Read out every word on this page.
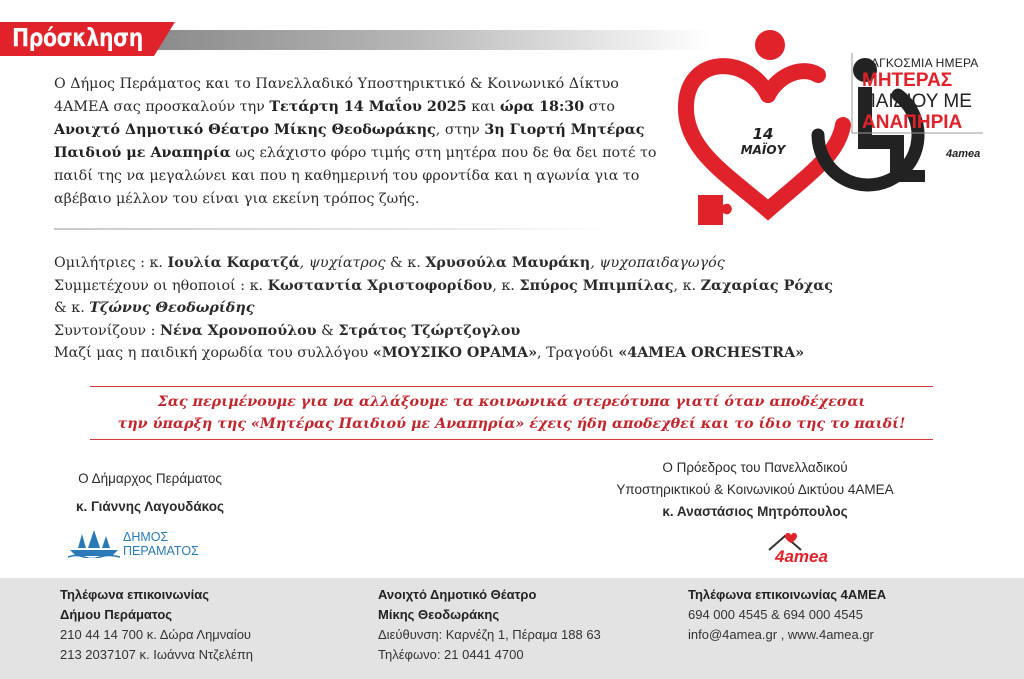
Πρόσκληση
Ο Δήμος Περάματος και το Πανελλαδικό Υποστηρικτικό & Κοινωνικό Δίκτυο 4ΑΜΕΑ σας προσκαλούν την Τετάρτη 14 Μαΐου 2025 και ώρα 18:30 στο Ανοιχτό Δημοτικό Θέατρο Μίκης Θεοδωράκης, στην 3η Γιορτή Μητέρας Παιδιού με Αναπηρία ως ελάχιστο φόρο τιμής στη μητέρα που δε θα δει ποτέ το παιδί της να μεγαλώνει και που η καθημερινή του φροντίδα και η αγωνία για το αβέβαιο μέλλον του είναι για εκείνη τρόπος ζωής.
Ομιλήτριες : κ. Ιουλία Καρατζά, ψυχίατρος & κ. Χρυσούλα Μαυράκη, ψυχοπαιδαγωγός
Συμμετέχουν οι ηθοποιοί : κ. Κωσταντία Χριστοφορίδου, κ. Σπύρος Μπιμπίλας, κ. Ζαχαρίας Ρόχας
& κ. Τζώνυς Θεοδωρίδης
Συντονίζουν : Νένα Χρονοπούλου & Στράτος Τζώρτζογλου
Μαζί μας η παιδική χορωδία του συλλόγου «ΜΟΥΣΙΚΟ ΟΡΑΜΑ», Τραγούδι «4ΑΜΕΑ ORCHESTRA»
Σας περιμένουμε για να αλλάξουμε τα κοινωνικά στερεότυπα γιατί όταν αποδέχεσαι
την ύπαρξη της «Μητέρας Παιδιού με Αναπηρία» έχεις ήδη αποδεχθεί και το ίδιο της το παιδί!
Ο Δήμαρχος Περάματος
κ. Γιάννης Λαγουδάκος
Ο Πρόεδρος του Πανελλαδικού
Υποστηρικτικού & Κοινωνικού Δικτύου 4ΑΜΕΑ
κ. Αναστάσιος Μητρόπουλος
ΔΗΜΟΣ
ΠΕΡΑΜΑΤΟΣ	4amea
14
ΜΑΪΟΥ
ΠΑΓΚΟΣΜΙΑ ΗΜΕΡΑ
ΜΗΤΕΡΑΣ
ΠΑΙΔΙΟΥ ΜΕ
ΑΝΑΠΗΡΙΑ
4amea
Τηλέφωνα επικοινωνίας
Δήμου Περάματος
210 44 14 700 κ. Δώρα Λημναίου
213 2037107 κ. Ιωάννα Ντζελέπη
Ανοιχτό Δημοτικό Θέατρο
Μίκης Θεοδωράκης
Διεύθυνση: Καρνέζη 1, Πέραμα 188 63
Τηλέφωνο: 21 0441 4700
Τηλέφωνα επικοινωνίας 4ΑΜΕΑ
694 000 4545 & 694 000 4545
info@4amea.gr , www.4amea.gr
